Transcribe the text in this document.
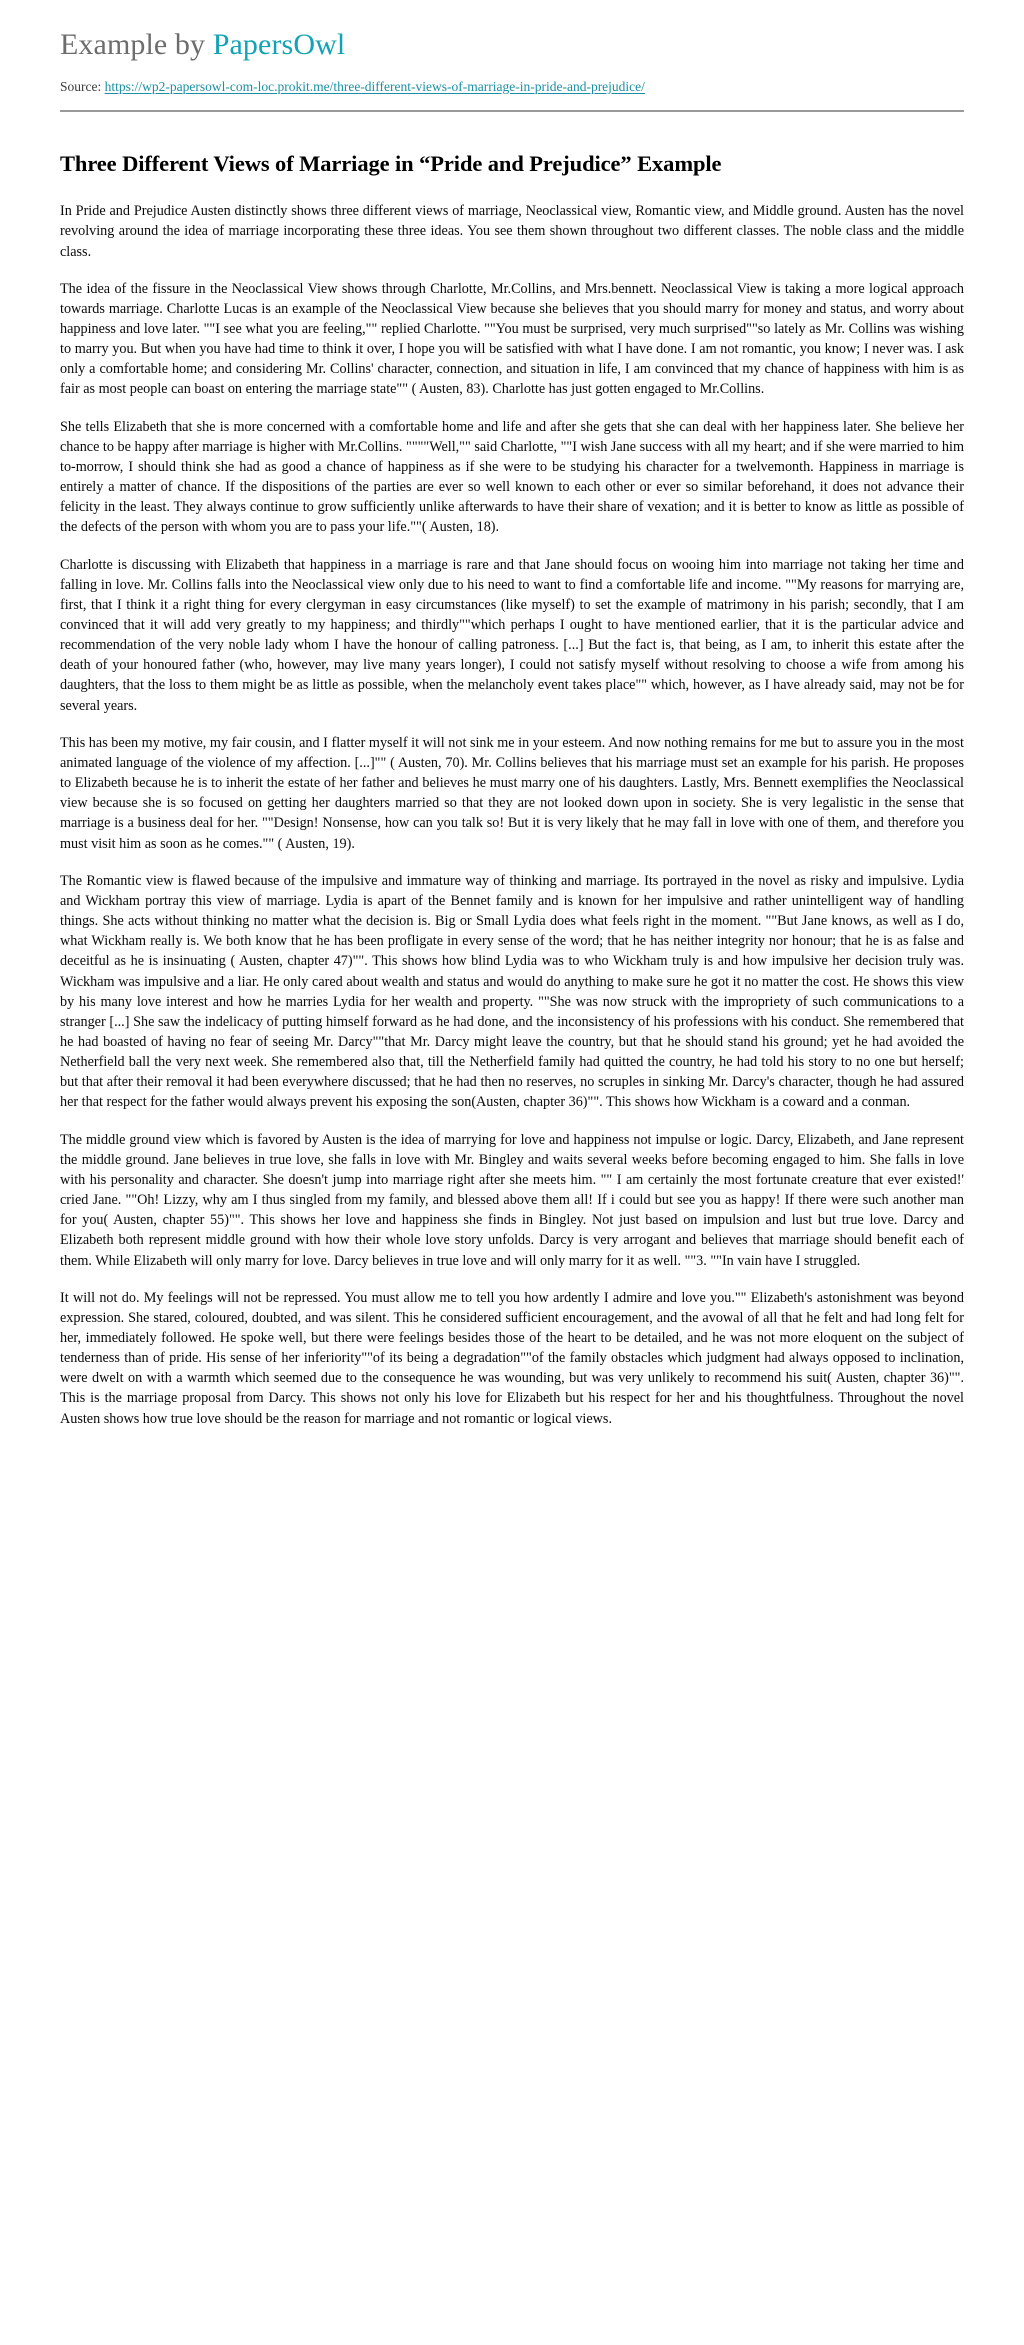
Example by PapersOwl
Source: https://wp2-papersowl-com-loc.prokit.me/three-different-views-of-marriage-in-pride-and-prejudice/
Three Different Views of Marriage in “Pride and Prejudice” Example

In Pride and Prejudice Austen distinctly shows three different views of marriage, Neoclassical view, Romantic view, and Middle ground. Austen has the novel revolving around the idea of marriage incorporating these three ideas. You see them shown throughout two different classes. The noble class and the middle class.

The idea of the fissure in the Neoclassical View shows through Charlotte, Mr.Collins, and Mrs.bennett. Neoclassical View is taking a more logical approach towards marriage. Charlotte Lucas is an example of the Neoclassical View because she believes that you should marry for money and status, and worry about happiness and love later. ""I see what you are feeling,"" replied Charlotte. ""You must be surprised, very much surprised""so lately as Mr. Collins was wishing to marry you. But when you have had time to think it over, I hope you will be satisfied with what I have done. I am not romantic, you know; I never was. I ask only a comfortable home; and considering Mr. Collins' character, connection, and situation in life, I am convinced that my chance of happiness with him is as fair as most people can boast on entering the marriage state"" ( Austen, 83). Charlotte has just gotten engaged to Mr.Collins.

She tells Elizabeth that she is more concerned with a comfortable home and life and after she gets that she can deal with her happiness later. She believe her chance to be happy after marriage is higher with Mr.Collins. """"Well,"" said Charlotte, ""I wish Jane success with all my heart; and if she were married to him to-morrow, I should think she had as good a chance of happiness as if she were to be studying his character for a twelvemonth. Happiness in marriage is entirely a matter of chance. If the dispositions of the parties are ever so well known to each other or ever so similar beforehand, it does not advance their felicity in the least. They always continue to grow sufficiently unlike afterwards to have their share of vexation; and it is better to know as little as possible of the defects of the person with whom you are to pass your life.""( Austen, 18).

Charlotte is discussing with Elizabeth that happiness in a marriage is rare and that Jane should focus on wooing him into marriage not taking her time and falling in love. Mr. Collins falls into the Neoclassical view only due to his need to want to find a comfortable life and income. ""My reasons for marrying are, first, that I think it a right thing for every clergyman in easy circumstances (like myself) to set the example of matrimony in his parish; secondly, that I am convinced that it will add very greatly to my happiness; and thirdly""which perhaps I ought to have mentioned earlier, that it is the particular advice and recommendation of the very noble lady whom I have the honour of calling patroness. [...] But the fact is, that being, as I am, to inherit this estate after the death of your honoured father (who, however, may live many years longer), I could not satisfy myself without resolving to choose a wife from among his daughters, that the loss to them might be as little as possible, when the melancholy event takes place"" which, however, as I have already said, may not be for several years.

This has been my motive, my fair cousin, and I flatter myself it will not sink me in your esteem. And now nothing remains for me but to assure you in the most animated language of the violence of my affection. [...]"" ( Austen, 70). Mr. Collins believes that his marriage must set an example for his parish. He proposes to Elizabeth because he is to inherit the estate of her father and believes he must marry one of his daughters. Lastly, Mrs. Bennett exemplifies the Neoclassical view because she is so focused on getting her daughters married so that they are not looked down upon in society. She is very legalistic in the sense that marriage is a business deal for her. ""Design! Nonsense, how can you talk so! But it is very likely that he may fall in love with one of them, and therefore you must visit him as soon as he comes."" ( Austen, 19).

The Romantic view is flawed because of the impulsive and immature way of thinking and marriage. Its portrayed in the novel as risky and impulsive. Lydia and Wickham portray this view of marriage. Lydia is apart of the Bennet family and is known for her impulsive and rather unintelligent way of handling things. She acts without thinking no matter what the decision is. Big or Small Lydia does what feels right in the moment. ""But Jane knows, as well as I do, what Wickham really is. We both know that he has been profligate in every sense of the word; that he has neither integrity nor honour; that he is as false and deceitful as he is insinuating ( Austen, chapter 47)"". This shows how blind Lydia was to who Wickham truly is and how impulsive her decision truly was. Wickham was impulsive and a liar. He only cared about wealth and status and would do anything to make sure he got it no matter the cost. He shows this view by his many love interest and how he marries Lydia for her wealth and property. ""She was now struck with the impropriety of such communications to a stranger [...] She saw the indelicacy of putting himself forward as he had done, and the inconsistency of his professions with his conduct. She remembered that he had boasted of having no fear of seeing Mr. Darcy""that Mr. Darcy might leave the country, but that he should stand his ground; yet he had avoided the Netherfield ball the very next week. She remembered also that, till the Netherfield family had quitted the country, he had told his story to no one but herself; but that after their removal it had been everywhere discussed; that he had then no reserves, no scruples in sinking Mr. Darcy's character, though he had assured her that respect for the father would always prevent his exposing the son(Austen, chapter 36)"". This shows how Wickham is a coward and a conman.

The middle ground view which is favored by Austen is the idea of marrying for love and happiness not impulse or logic. Darcy, Elizabeth, and Jane represent the middle ground. Jane believes in true love, she falls in love with Mr. Bingley and waits several weeks before becoming engaged to him. She falls in love with his personality and character. She doesn't jump into marriage right after she meets him. "" I am certainly the most fortunate creature that ever existed!' cried Jane. ""Oh! Lizzy, why am I thus singled from my family, and blessed above them all! If i could but see you as happy! If there were such another man for you( Austen, chapter 55)"". This shows her love and happiness she finds in Bingley. Not just based on impulsion and lust but true love. Darcy and Elizabeth both represent middle ground with how their whole love story unfolds. Darcy is very arrogant and believes that marriage should benefit each of them. While Elizabeth will only marry for love. Darcy believes in true love and will only marry for it as well. ""3. ""In vain have I struggled.

It will not do. My feelings will not be repressed. You must allow me to tell you how ardently I admire and love you."" Elizabeth's astonishment was beyond expression. She stared, coloured, doubted, and was silent. This he considered sufficient encouragement, and the avowal of all that he felt and had long felt for her, immediately followed. He spoke well, but there were feelings besides those of the heart to be detailed, and he was not more eloquent on the subject of tenderness than of pride. His sense of her inferiority""of its being a degradation""of the family obstacles which judgment had always opposed to inclination, were dwelt on with a warmth which seemed due to the consequence he was wounding, but was very unlikely to recommend his suit( Austen, chapter 36)"". This is the marriage proposal from Darcy. This shows not only his love for Elizabeth but his respect for her and his thoughtfulness. Throughout the novel Austen shows how true love should be the reason for marriage and not romantic or logical views.
